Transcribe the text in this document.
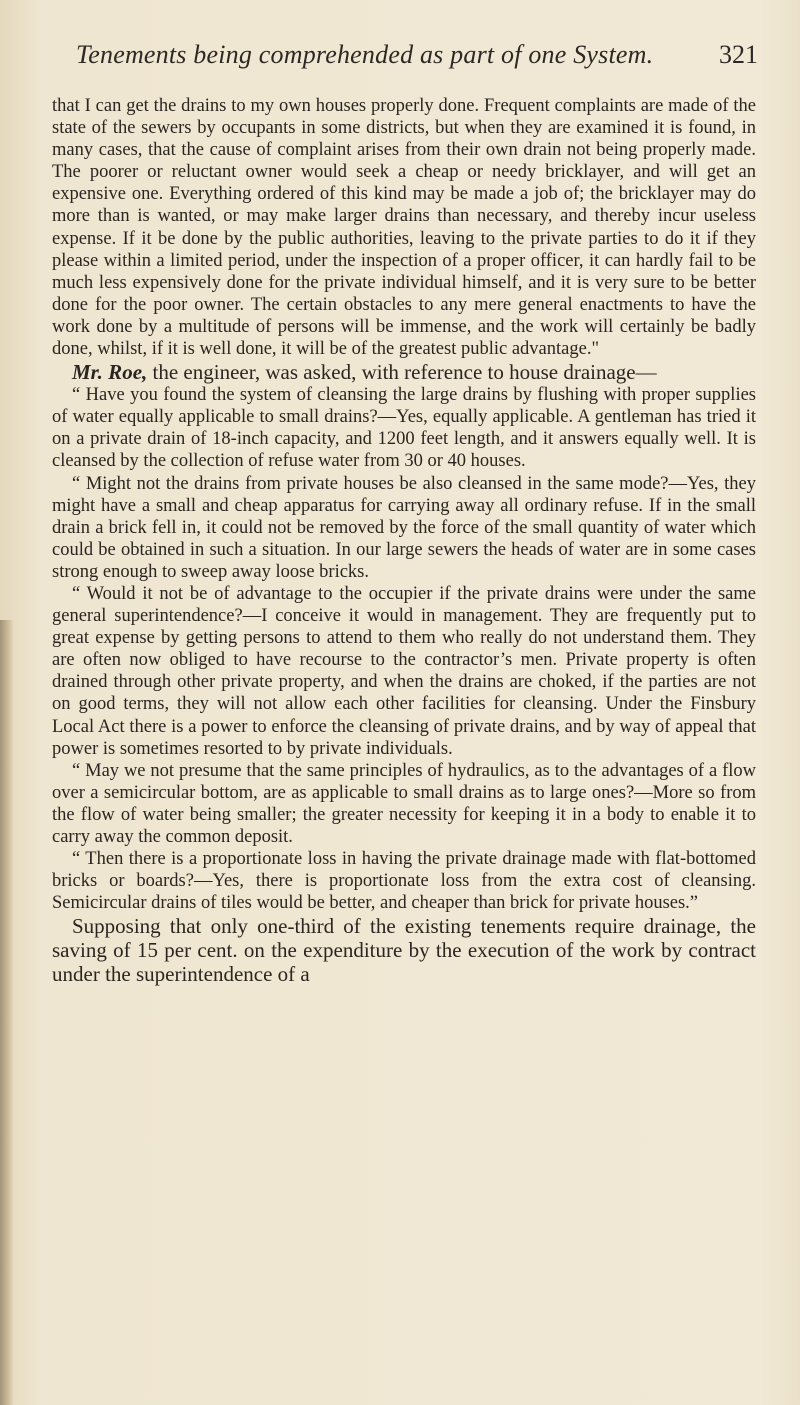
Tenements being comprehended as part of one System.	321

that I can get the drains to my own houses properly done. Frequent complaints are made of the state of the sewers by occupants in some districts, but when they are examined it is found, in many cases, that the cause of complaint arises from their own drain not being properly made. The poorer or reluctant owner would seek a cheap or needy bricklayer, and will get an expensive one. Everything ordered of this kind may be made a job of; the bricklayer may do more than is wanted, or may make larger drains than necessary, and thereby incur useless expense. If it be done by the public authorities, leaving to the private parties to do it if they please within a limited period, under the inspection of a proper officer, it can hardly fail to be much less expensively done for the private individual himself, and it is very sure to be better done for the poor owner. The certain obstacles to any mere general enactments to have the work done by a multitude of persons will be immense, and the work will certainly be badly done, whilst, if it is well done, it will be of the greatest public advantage."

Mr. Roe, the engineer, was asked, with reference to house drainage—

“ Have you found the system of cleansing the large drains by flushing with proper supplies of water equally applicable to small drains?—Yes, equally applicable. A gentleman has tried it on a private drain of 18-inch capacity, and 1200 feet length, and it answers equally well. It is cleansed by the collection of refuse water from 30 or 40 houses.

“ Might not the drains from private houses be also cleansed in the same mode?—Yes, they might have a small and cheap apparatus for carrying away all ordinary refuse. If in the small drain a brick fell in, it could not be removed by the force of the small quantity of water which could be obtained in such a situation. In our large sewers the heads of water are in some cases strong enough to sweep away loose bricks.

“ Would it not be of advantage to the occupier if the private drains were under the same general superintendence?—I conceive it would in management. They are frequently put to great expense by getting persons to attend to them who really do not understand them. They are often now obliged to have recourse to the contractor’s men. Private property is often drained through other private property, and when the drains are choked, if the parties are not on good terms, they will not allow each other facilities for cleansing. Under the Finsbury Local Act there is a power to enforce the cleansing of private drains, and by way of appeal that power is sometimes resorted to by private individuals.

“ May we not presume that the same principles of hydraulics, as to the advantages of a flow over a semicircular bottom, are as applicable to small drains as to large ones?—More so from the flow of water being smaller; the greater necessity for keeping it in a body to enable it to carry away the common deposit.

“ Then there is a proportionate loss in having the private drainage made with flat-bottomed bricks or boards?—Yes, there is proportionate loss from the extra cost of cleansing. Semicircular drains of tiles would be better, and cheaper than brick for private houses.”

Supposing that only one-third of the existing tenements require drainage, the saving of 15 per cent. on the expenditure by the execution of the work by contract under the superintendence of a
